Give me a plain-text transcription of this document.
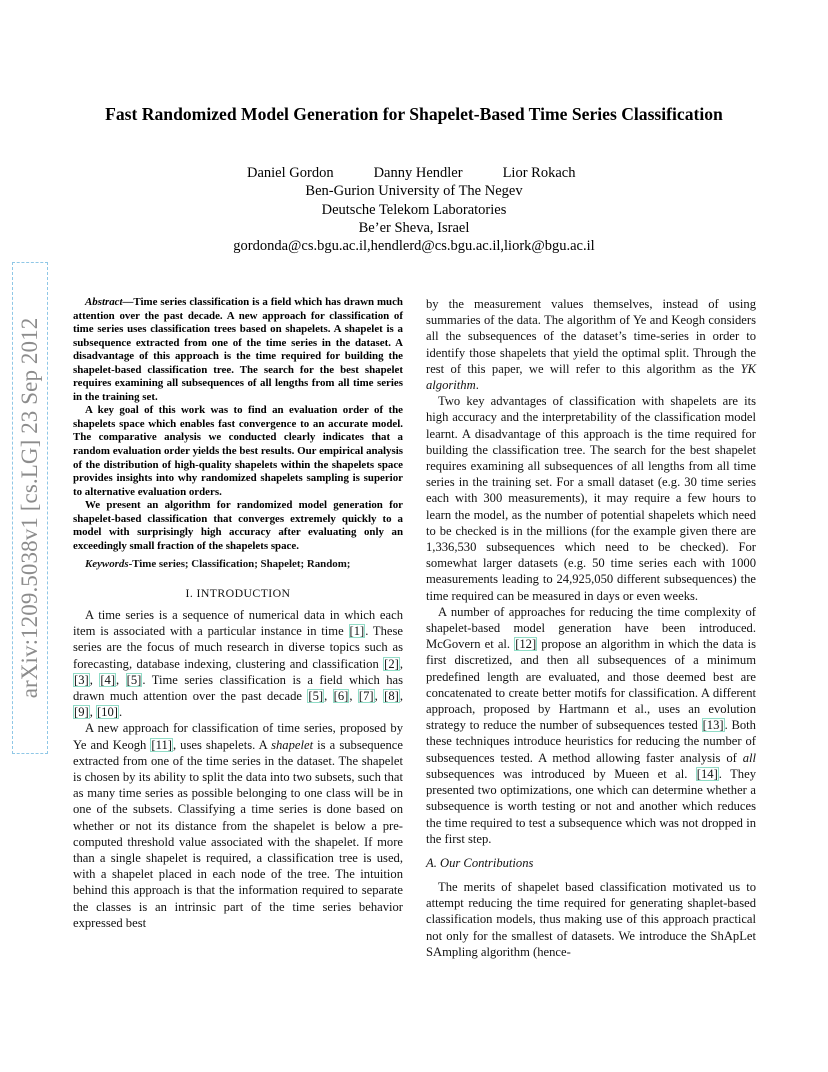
arXiv:1209.5038v1 [cs.LG] 23 Sep 2012
Fast Randomized Model Generation for Shapelet-Based Time Series Classification
Daniel Gordon	Danny Hendler	Lior Rokach
Ben-Gurion University of The Negev
Deutsche Telekom Laboratories
Be’er Sheva, Israel
gordonda@cs.bgu.ac.il,hendlerd@cs.bgu.ac.il,liork@bgu.ac.il

Abstract—Time series classification is a field which has drawn much attention over the past decade. A new approach for classification of time series uses classification trees based on shapelets. A shapelet is a subsequence extracted from one of the time series in the dataset. A disadvantage of this approach is the time required for building the shapelet-based classification tree. The search for the best shapelet requires examining all subsequences of all lengths from all time series in the training set.

A key goal of this work was to find an evaluation order of the shapelets space which enables fast convergence to an accurate model. The comparative analysis we conducted clearly indicates that a random evaluation order yields the best results. Our empirical analysis of the distribution of high-quality shapelets within the shapelets space provides insights into why randomized shapelets sampling is superior to alternative evaluation orders.

We present an algorithm for randomized model generation for shapelet-based classification that converges extremely quickly to a model with surprisingly high accuracy after evaluating only an exceedingly small fraction of the shapelets space.

Keywords-Time series; Classification; Shapelet; Random;

I. INTRODUCTION

A time series is a sequence of numerical data in which each item is associated with a particular instance in time [1]. These series are the focus of much research in diverse topics such as forecasting, database indexing, clustering and classification [2], [3], [4], [5]. Time series classification is a field which has drawn much attention over the past decade [5], [6], [7], [8], [9], [10].

A new approach for classification of time series, proposed by Ye and Keogh [11], uses shapelets. A shapelet is a subsequence extracted from one of the time series in the dataset. The shapelet is chosen by its ability to split the data into two subsets, such that as many time series as possible belonging to one class will be in one of the subsets. Classifying a time series is done based on whether or not its distance from the shapelet is below a pre-computed threshold value associated with the shapelet. If more than a single shapelet is required, a classification tree is used, with a shapelet placed in each node of the tree. The intuition behind this approach is that the information required to separate the classes is an intrinsic part of the time series behavior expressed best

by the measurement values themselves, instead of using summaries of the data. The algorithm of Ye and Keogh considers all the subsequences of the dataset’s time-series in order to identify those shapelets that yield the optimal split. Through the rest of this paper, we will refer to this algorithm as the YK algorithm.

Two key advantages of classification with shapelets are its high accuracy and the interpretability of the classification model learnt. A disadvantage of this approach is the time required for building the classification tree. The search for the best shapelet requires examining all subsequences of all lengths from all time series in the training set. For a small dataset (e.g. 30 time series each with 300 measurements), it may require a few hours to learn the model, as the number of potential shapelets which need to be checked is in the millions (for the example given there are 1,336,530 subsequences which need to be checked). For somewhat larger datasets (e.g. 50 time series each with 1000 measurements leading to 24,925,050 different subsequences) the time required can be measured in days or even weeks.

A number of approaches for reducing the time complexity of shapelet-based model generation have been introduced. McGovern et al. [12] propose an algorithm in which the data is first discretized, and then all subsequences of a minimum predefined length are evaluated, and those deemed best are concatenated to create better motifs for classification. A different approach, proposed by Hartmann et al., uses an evolution strategy to reduce the number of subsequences tested [13]. Both these techniques introduce heuristics for reducing the number of subsequences tested. A method allowing faster analysis of all subsequences was introduced by Mueen et al. [14]. They presented two optimizations, one which can determine whether a subsequence is worth testing or not and another which reduces the time required to test a subsequence which was not dropped in the first step.

A. Our Contributions

The merits of shapelet based classification motivated us to attempt reducing the time required for generating shaplet-based classification models, thus making use of this approach practical not only for the smallest of datasets. We introduce the ShApLet SAmpling algorithm (hence-
